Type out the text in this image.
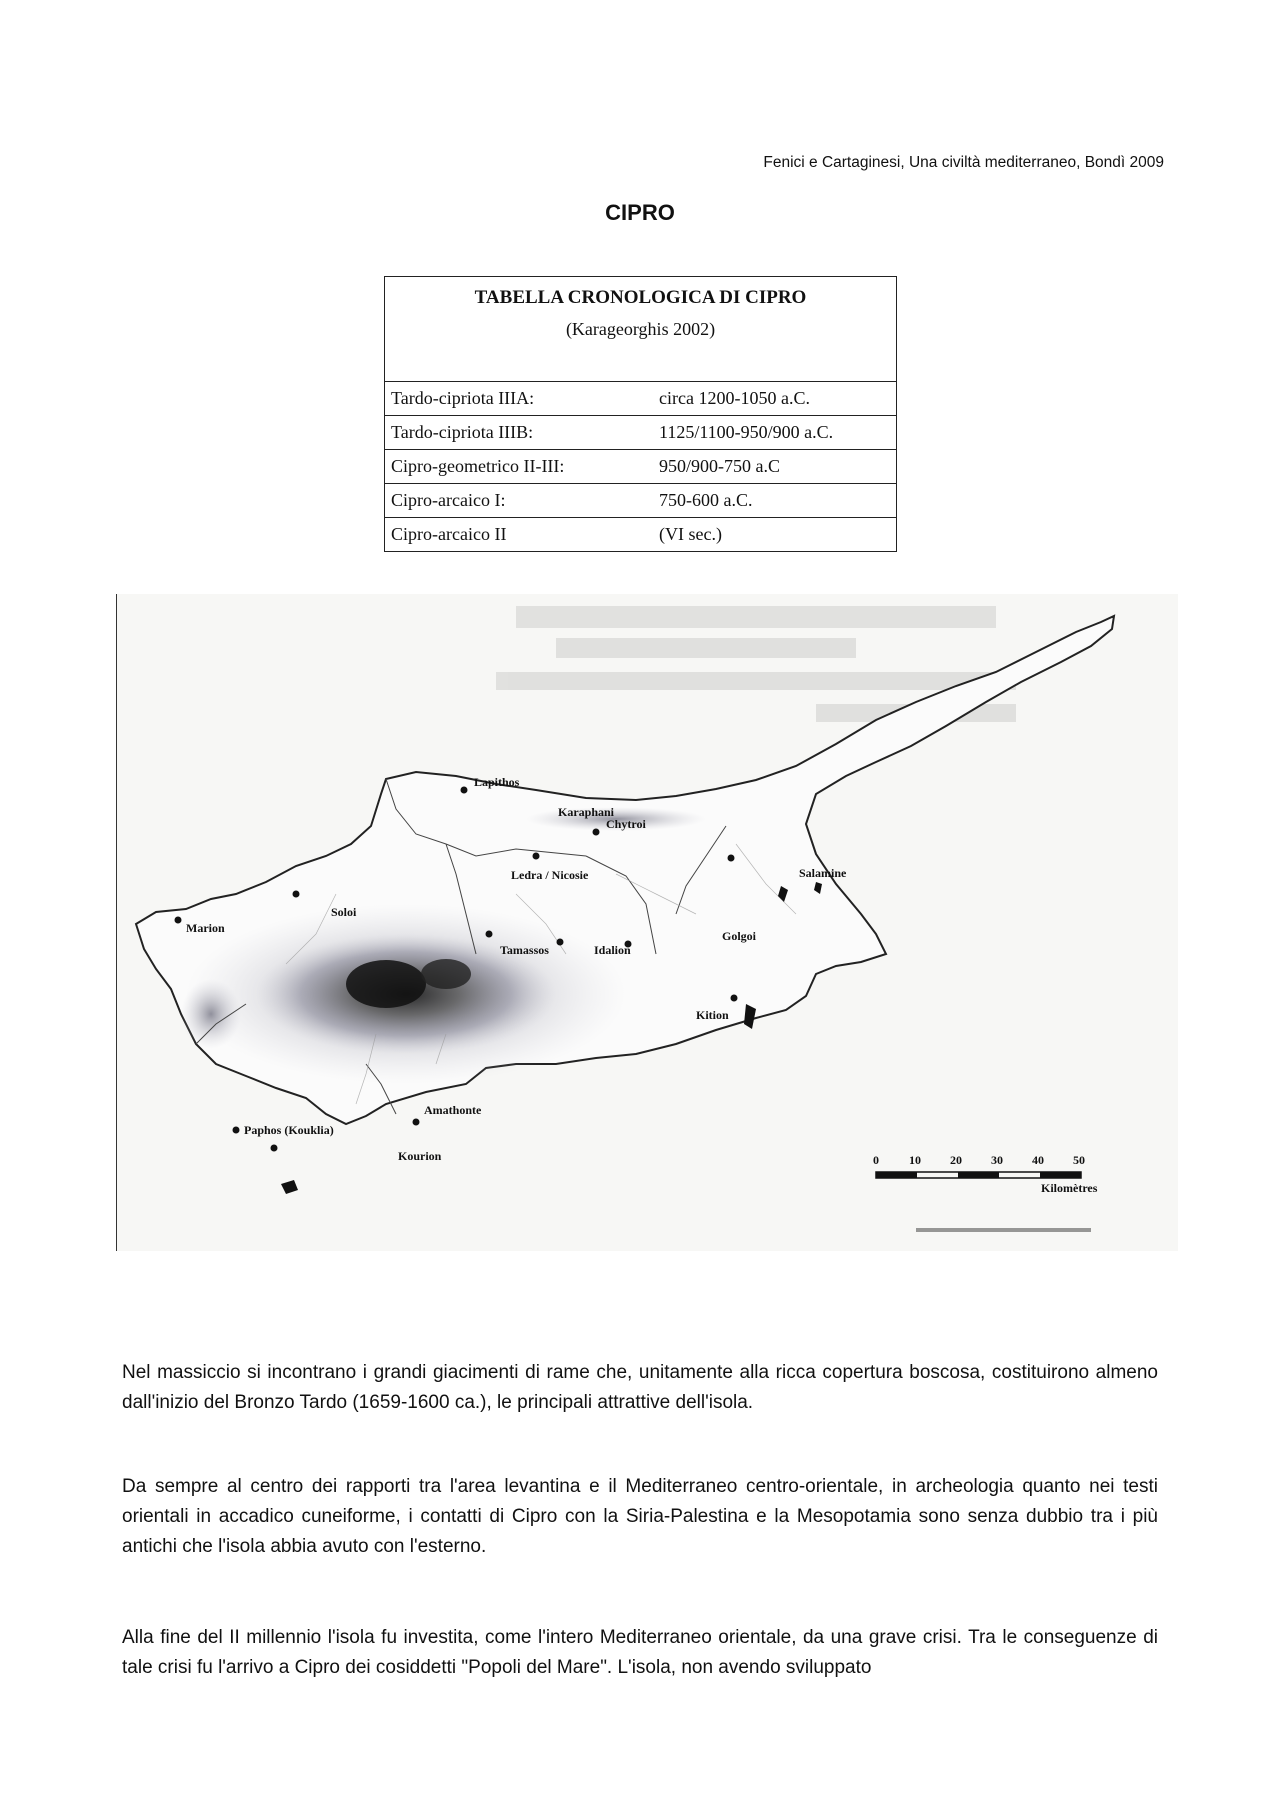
Fenici e Cartaginesi, Una civiltà mediterraneo, Bondì 2009
CIPRO
TABELLA CRONOLOGICA DI CIPRO
(Karageorghis 2002)	

Tardo-cipriota IIIA:	circa 1200-1050 a.C.
Tardo-cipriota IIIB:	1125/1100-950/900 a.C.
Cipro-geometrico II-III:	950/900-750 a.C
Cipro-arcaico I:	750-600 a.C.
Cipro-arcaico II	(VI sec.)
Lapithos
Karaphani
Chytroi
Ledra / Nicosie	Salamine
Soloi
Marion
Golgoi
Tamassos	Idalion
Kition
Amathonte
Paphos (Kouklia)
Kourion	0	10 20 30 40 50
Kilomètres

Nel massiccio si incontrano i grandi giacimenti di rame che, unitamente alla ricca copertura boscosa, costituirono almeno dall'inizio del Bronzo Tardo (1659-1600 ca.), le principali attrattive dell'isola.

Da sempre al centro dei rapporti tra l'area levantina e il Mediterraneo centro-orientale, in archeologia quanto nei testi orientali in accadico cuneiforme, i contatti di Cipro con la Siria-Palestina e la Mesopotamia sono senza dubbio tra i più antichi che l'isola abbia avuto con l'esterno.

Alla fine del II millennio l'isola fu investita, come l'intero Mediterraneo orientale, da una grave crisi. Tra le conseguenze di tale crisi fu l'arrivo a Cipro dei cosiddetti "Popoli del Mare". L'isola, non avendo sviluppato
